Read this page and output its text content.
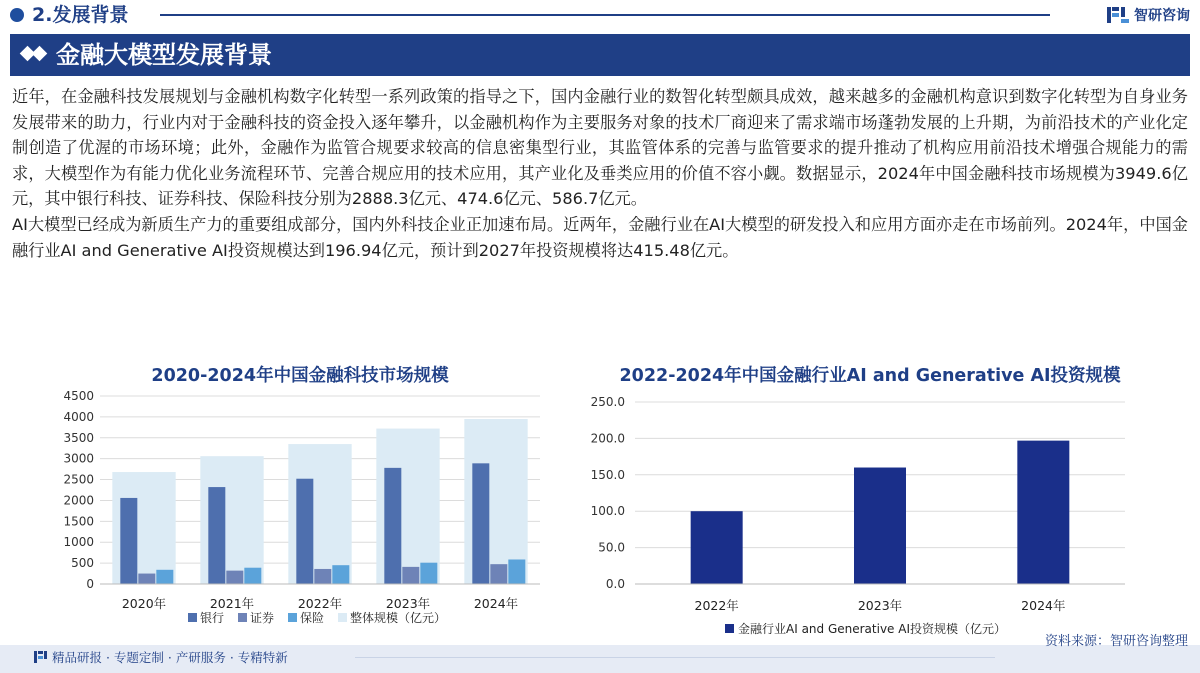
2.发展背景	智研咨询
金融大模型发展背景

近年，在金融科技发展规划与金融机构数字化转型一系列政策的指导之下，国内金融行业的数智化转型颇具成效，越来越多的金融机构意识到数字化转型为自身业务发展带来的助力，行业内对于金融科技的资金投入逐年攀升，以金融机构作为主要服务对象的技术厂商迎来了需求端市场蓬勃发展的上升期，为前沿技术的产业化定制创造了优渥的市场环境；此外，金融作为监管合规要求较高的信息密集型行业，其监管体系的完善与监管要求的提升推动了机构应用前沿技术增强合规能力的需求，大模型作为有能力优化业务流程环节、完善合规应用的技术应用，其产业化及垂类应用的价值不容小觑。数据显示，2024年中国金融科技市场规模为3949.6亿元，其中银行科技、证券科技、保险科技分别为2888.3亿元、474.6亿元、586.7亿元。

AI大模型已经成为新质生产力的重要组成部分，国内外科技企业正加速布局。近两年，金融行业在AI大模型的研发投入和应用方面亦走在市场前列。2024年，中国金融行业AI and Generative AI投资规模达到196.94亿元，预计到2027年投资规模将达415.48亿元。

2020-2024年中国金融科技市场规模
0
500
1000
1500
2000
2500
3000
3500
4000
4500
2020年	2021年	2022年	2023年	2024年
银行 证券 保险 整体规模（亿元）
2022-2024年中国金融行业AI and Generative AI投资规模
0.0
50.0
100.0
150.0
200.0
250.0
2022年	2023年	2024年
金融行业AI and Generative AI投资规模（亿元）
精品研报 · 专题定制 · 产研服务 · 专精特新
资料来源：智研咨询整理
